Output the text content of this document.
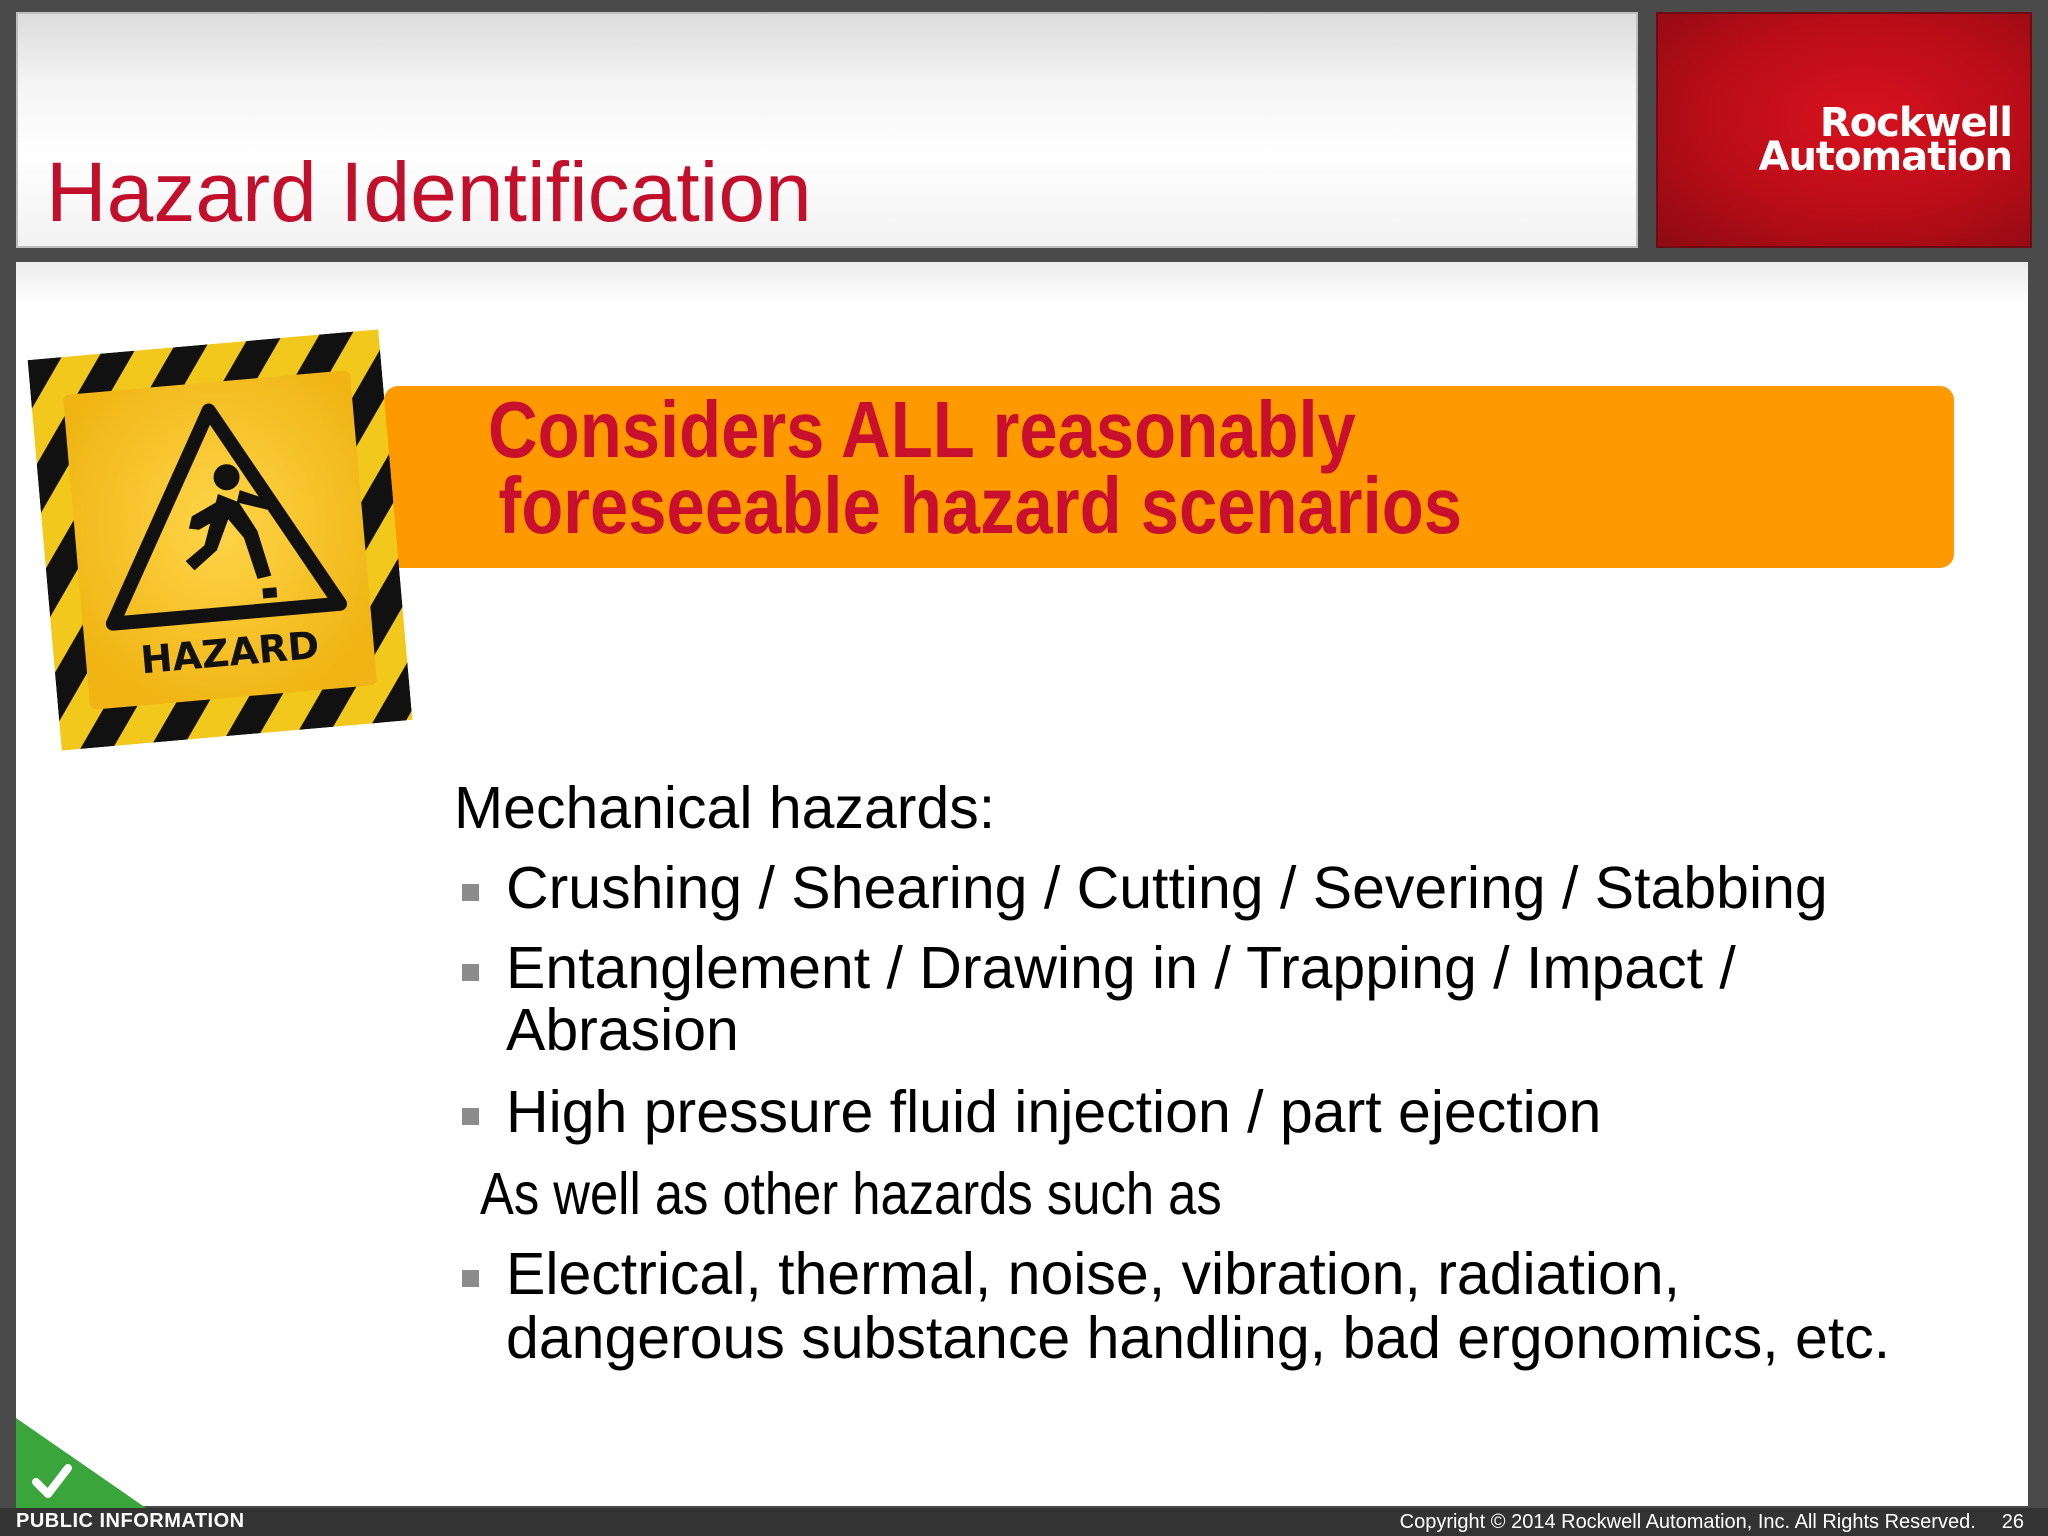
Hazard Identification
Rockwell
Automation
Considers ALL reasonably
foreseeable hazard scenarios
HAZARD
Mechanical hazards:
Crushing / Shearing / Cutting / Severing / Stabbing
Entanglement / Drawing in / Trapping / Impact /
Abrasion
High pressure fluid injection / part ejection
As well as other hazards such as
Electrical, thermal, noise, vibration, radiation,
dangerous substance handling, bad ergonomics, etc.
PUBLIC INFORMATION	Copyright © 2014 Rockwell Automation, Inc. All Rights Reserved. 26
